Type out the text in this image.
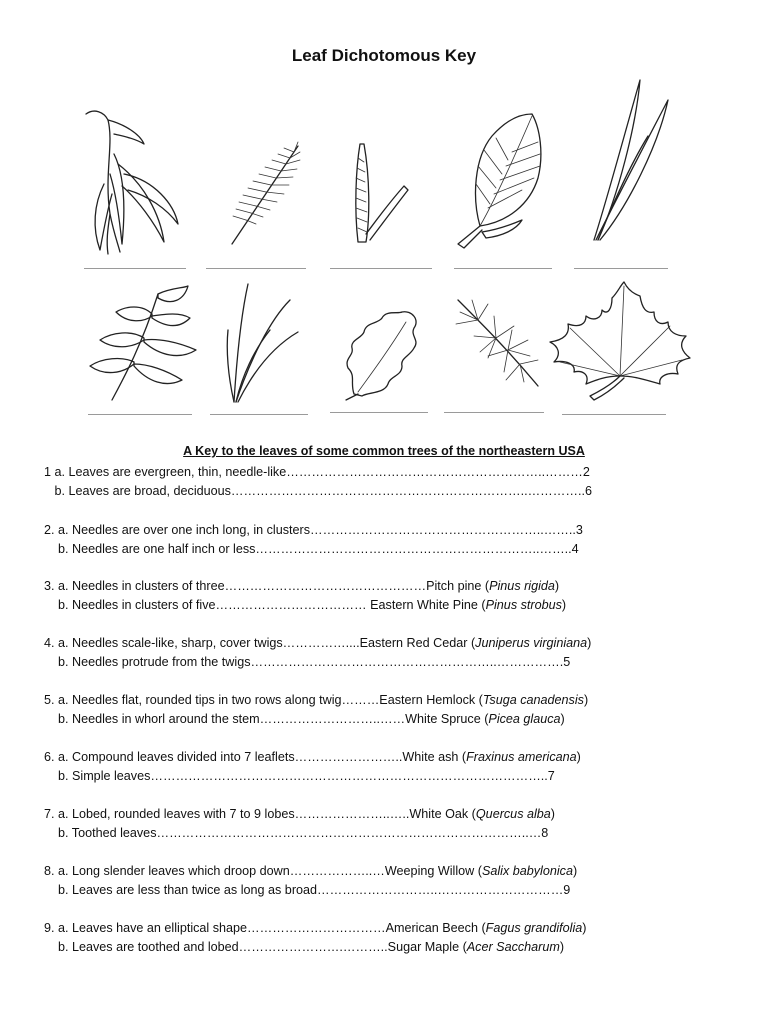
Leaf Dichotomous Key
A Key to the leaves of some common trees of the northeastern USA
1 a. Leaves are evergreen, thin, needle-like……………………………………………………..………2
b. Leaves are broad, deciduous……………………………………………………………..…………..6
2. a. Needles are over one inch long, in clusters………………………………………………..……..3
b. Needles are one half inch or less…………………………………………………………..……..4
3. a. Needles in clusters of three…………………………………………Pitch pine (Pinus rigida)
b. Needles in clusters of five……………………………… Eastern White Pine (Pinus strobus)
4. a. Needles scale-like, sharp, cover twigs……………....Eastern Red Cedar (Juniperus virginiana)
b. Needles protrude from the twigs…………………………………………………..…………….5
5. a. Needles flat, rounded tips in two rows along twig………Eastern Hemlock (Tsuga canadensis)
b. Needles in whorl around the stem………………………..……White Spruce (Picea glauca)
6. a. Compound leaves divided into 7 leaflets……………………..White ash (Fraxinus americana)
b. Simple leaves…………………………………………………………………………………..7
7. a. Lobed, rounded leaves with 7 to 9 lobes…………………..…..White Oak (Quercus alba)
b. Toothed leaves……………………………………………………………………………..…8
8. a. Long slender leaves which droop down………………..…Weeping Willow (Salix babylonica)
b. Leaves are less than twice as long as broad………………………..…………………………9
9. a. Leaves have an elliptical shape……………………………American Beech (Fagus grandifolia)
b. Leaves are toothed and lobed…………………….………..Sugar Maple (Acer Saccharum)
